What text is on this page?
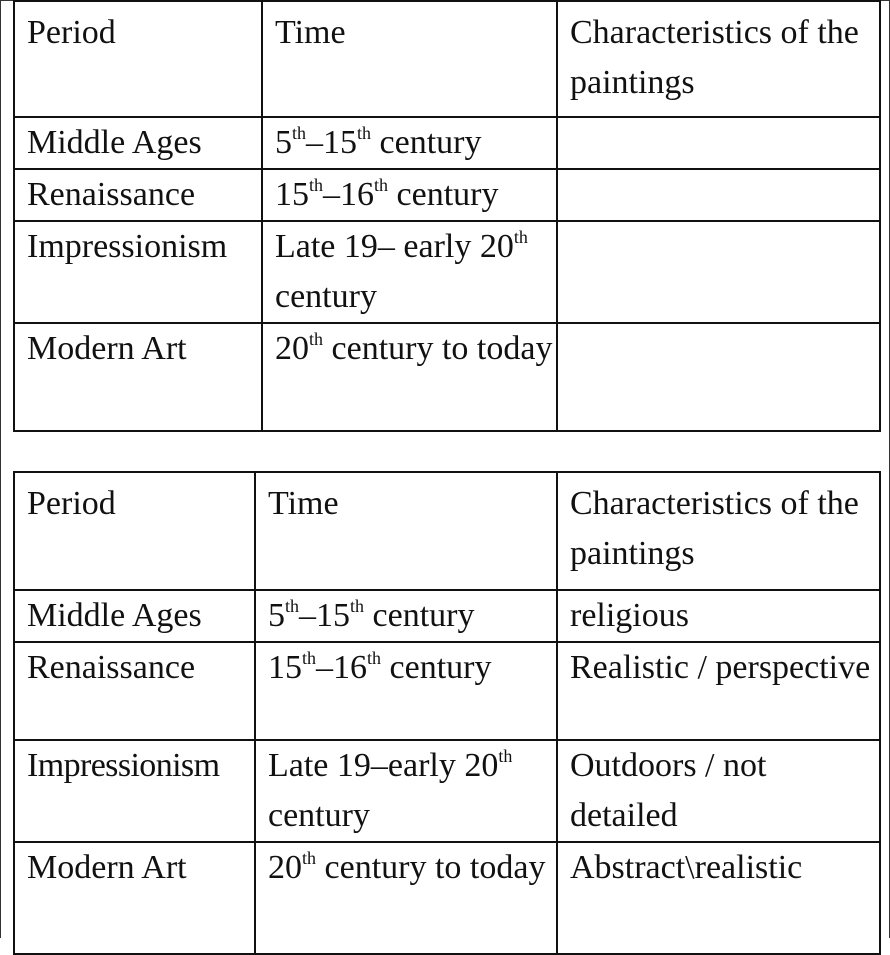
Period	Time	Characteristics of the paintings
Middle Ages	5th–15th century	
Renaissance	15th–16th century	
Impressionism	Late 19– early 20th century	
Modern Art	20th century to today	
Period	Time	Characteristics of the paintings
Middle Ages	5th–15th century	religious
Renaissance	15th–16th century	Realistic / perspective
Impressionism	Late 19–early 20th century	Outdoors / not detailed
Modern Art	20th century to today	Abstract\realistic
